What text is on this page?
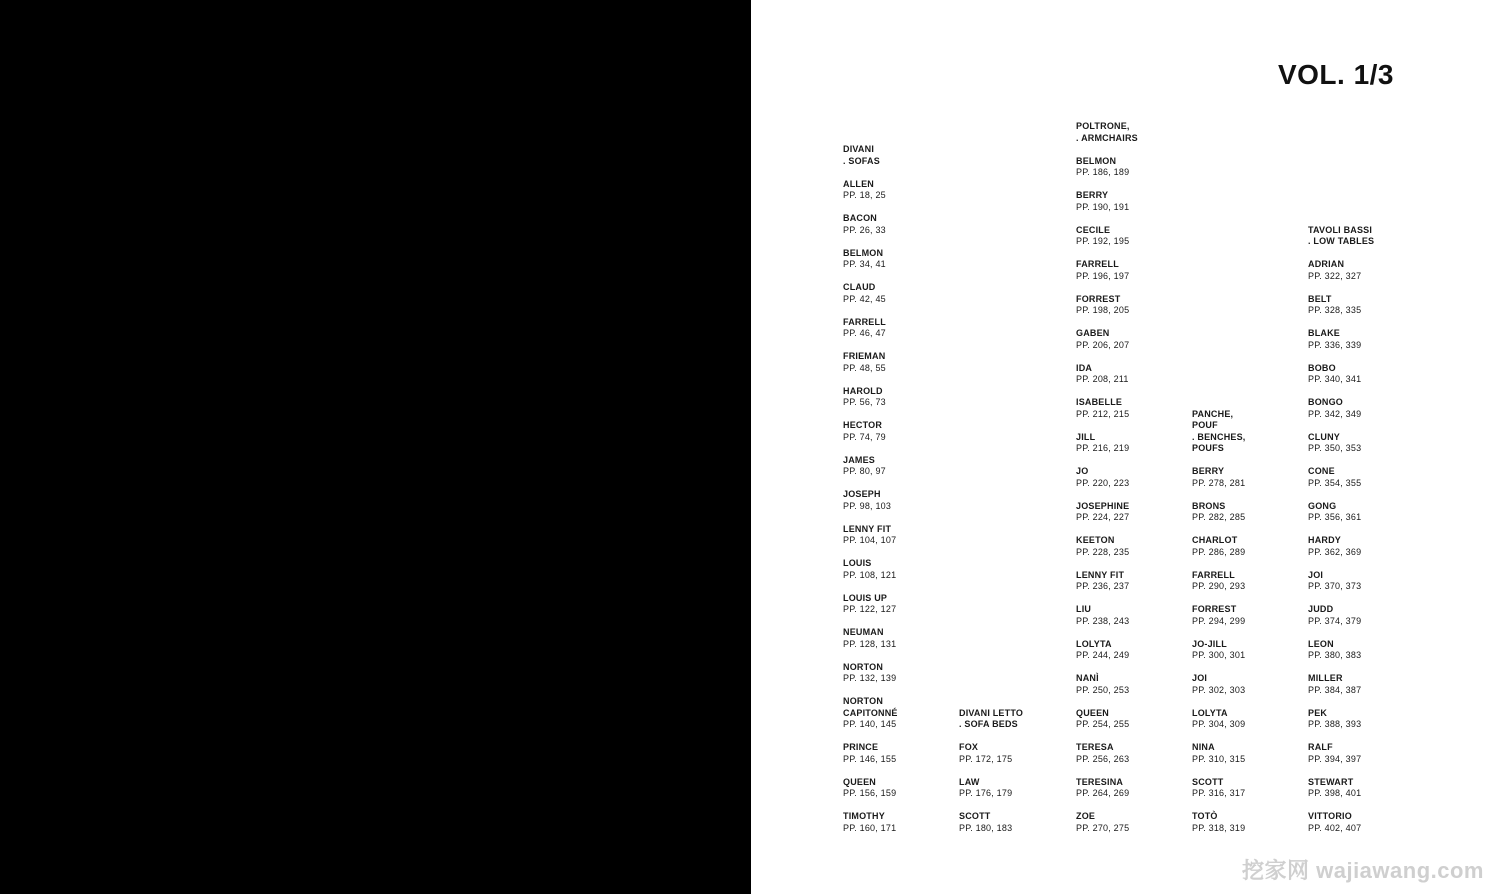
VOL. 1/3
DIVANI
. SOFAS
ALLEN
PP. 18, 25
BACON
PP. 26, 33
BELMON
PP. 34, 41
CLAUD
PP. 42, 45
FARRELL
PP. 46, 47
FRIEMAN
PP. 48, 55
HAROLD
PP. 56, 73
HECTOR
PP. 74, 79
JAMES
PP. 80, 97
JOSEPH
PP. 98, 103
LENNY FIT
PP. 104, 107
LOUIS
PP. 108, 121
LOUIS UP
PP. 122, 127
NEUMAN
PP. 128, 131
NORTON
PP. 132, 139
NORTON
CAPITONNÉ
PP. 140, 145
PRINCE
PP. 146, 155
QUEEN
PP. 156, 159
TIMOTHY
PP. 160, 171
DIVANI LETTO
. SOFA BEDS
FOX
PP. 172, 175
LAW
PP. 176, 179
SCOTT
PP. 180, 183
POLTRONE,
. ARMCHAIRS
BELMON
PP. 186, 189
BERRY
PP. 190, 191
CECILE
PP. 192, 195
FARRELL
PP. 196, 197
FORREST
PP. 198, 205
GABEN
PP. 206, 207
IDA
PP. 208, 211
ISABELLE
PP. 212, 215
JILL
PP. 216, 219
JO
PP. 220, 223
JOSEPHINE
PP. 224, 227
KEETON
PP. 228, 235
LENNY FIT
PP. 236, 237
LIU
PP. 238, 243
LOLYTA
PP. 244, 249
NANÌ
PP. 250, 253
QUEEN
PP. 254, 255
TERESA
PP. 256, 263
TERESINA
PP. 264, 269
ZOE
PP. 270, 275
PANCHE,
POUF
. BENCHES,
POUFS
BERRY
PP. 278, 281
BRONS
PP. 282, 285
CHARLOT
PP. 286, 289
FARRELL
PP. 290, 293
FORREST
PP. 294, 299
JO-JILL
PP. 300, 301
JOI
PP. 302, 303
LOLYTA
PP. 304, 309
NINA
PP. 310, 315
SCOTT
PP. 316, 317
TOTÒ
PP. 318, 319
TAVOLI BASSI
. LOW TABLES
ADRIAN
PP. 322, 327
BELT
PP. 328, 335
BLAKE
PP. 336, 339
BOBO
PP. 340, 341
BONGO
PP. 342, 349
CLUNY
PP. 350, 353
CONE
PP. 354, 355
GONG
PP. 356, 361
HARDY
PP. 362, 369
JOI
PP. 370, 373
JUDD
PP. 374, 379
LEON
PP. 380, 383
MILLER
PP. 384, 387
PEK
PP. 388, 393
RALF
PP. 394, 397
STEWART
PP. 398, 401
VITTORIO
PP. 402, 407
挖家网 wajiawang.com
